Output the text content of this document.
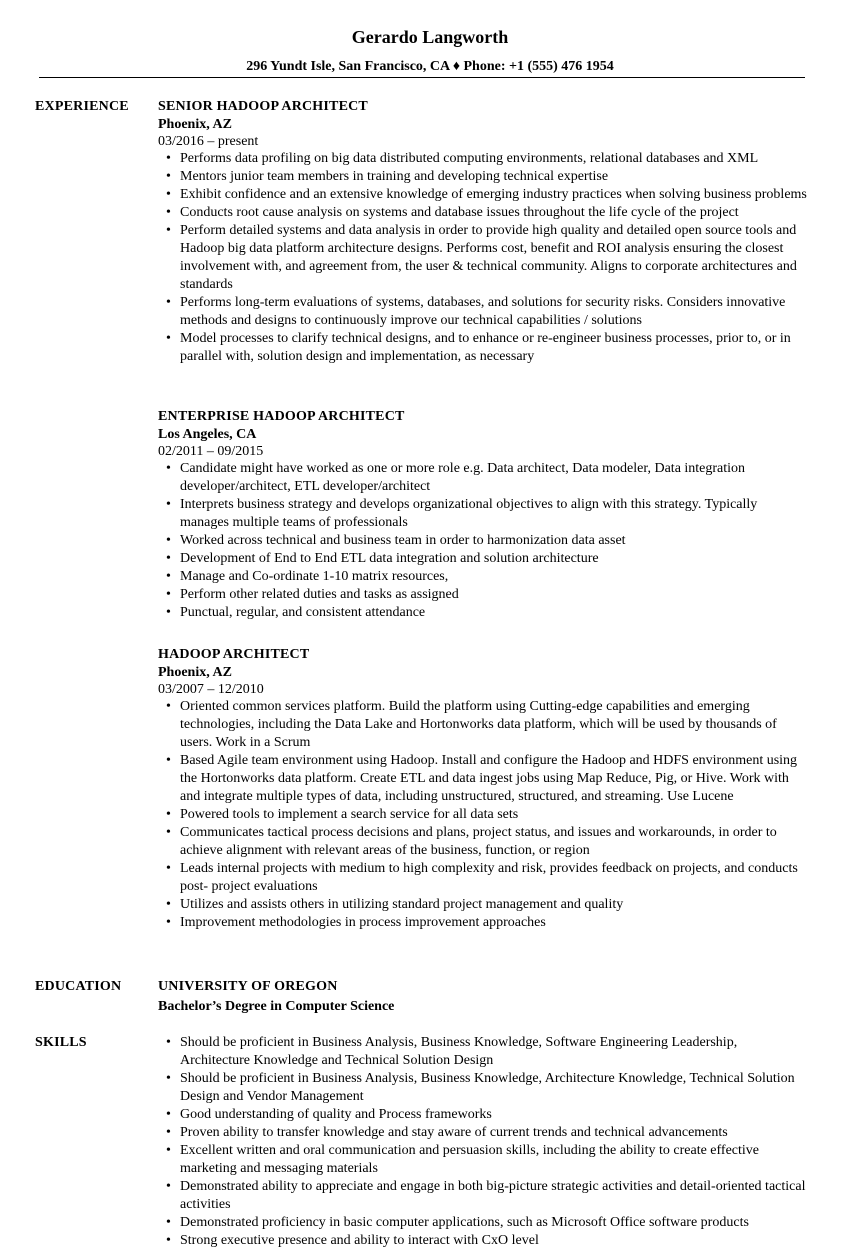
Gerardo Langworth
296 Yundt Isle, San Francisco, CA ♦ Phone: +1 (555) 476 1954
EXPERIENCE SENIOR HADOOP ARCHITECT
Phoenix, AZ
03/2016 – present
• Performs data profiling on big data distributed computing environments, relational databases and XML
• Mentors junior team members in training and developing technical expertise
• Exhibit confidence and an extensive knowledge of emerging industry practices when solving business problems
• Conducts root cause analysis on systems and database issues throughout the life cycle of the project
• Perform detailed systems and data analysis in order to provide high quality and detailed open source tools and Hadoop big data platform architecture designs. Performs cost, benefit and ROI analysis ensuring the closest involvement with, and agreement from, the user & technical community. Aligns to corporate architectures and standards
• Performs long-term evaluations of systems, databases, and solutions for security risks. Considers innovative methods and designs to continuously improve our technical capabilities / solutions
• Model processes to clarify technical designs, and to enhance or re-engineer business processes, prior to, or in parallel with, solution design and implementation, as necessary
ENTERPRISE HADOOP ARCHITECT
Los Angeles, CA
02/2011 – 09/2015
• Candidate might have worked as one or more role e.g. Data architect, Data modeler, Data integration developer/architect, ETL developer/architect
• Interprets business strategy and develops organizational objectives to align with this strategy. Typically manages multiple teams of professionals
• Worked across technical and business team in order to harmonization data asset
• Development of End to End ETL data integration and solution architecture
• Manage and Co-ordinate 1-10 matrix resources,
• Perform other related duties and tasks as assigned
• Punctual, regular, and consistent attendance
HADOOP ARCHITECT
Phoenix, AZ
03/2007 – 12/2010
• Oriented common services platform. Build the platform using Cutting-edge capabilities and emerging technologies, including the Data Lake and Hortonworks data platform, which will be used by thousands of users. Work in a Scrum
• Based Agile team environment using Hadoop. Install and configure the Hadoop and HDFS environment using the Hortonworks data platform. Create ETL and data ingest jobs using Map Reduce, Pig, or Hive. Work with and integrate multiple types of data, including unstructured, structured, and streaming. Use Lucene
• Powered tools to implement a search service for all data sets
• Communicates tactical process decisions and plans, project status, and issues and workarounds, in order to achieve alignment with relevant areas of the business, function, or region
• Leads internal projects with medium to high complexity and risk, provides feedback on projects, and conducts post- project evaluations
• Utilizes and assists others in utilizing standard project management and quality
• Improvement methodologies in process improvement approaches
EDUCATION	UNIVERSITY OF OREGON
Bachelor’s Degree in Computer Science
SKILLS
•	Should be proficient in Business Analysis, Business Knowledge, Software Engineering Leadership, Architecture Knowledge and Technical Solution Design
• Should be proficient in Business Analysis, Business Knowledge, Architecture Knowledge, Technical Solution Design and Vendor Management
• Good understanding of quality and Process frameworks
• Proven ability to transfer knowledge and stay aware of current trends and technical advancements
• Excellent written and oral communication and persuasion skills, including the ability to create effective marketing and messaging materials
• Demonstrated ability to appreciate and engage in both big-picture strategic activities and detail-oriented tactical activities
• Demonstrated proficiency in basic computer applications, such as Microsoft Office software products
• Strong executive presence and ability to interact with CxO level
